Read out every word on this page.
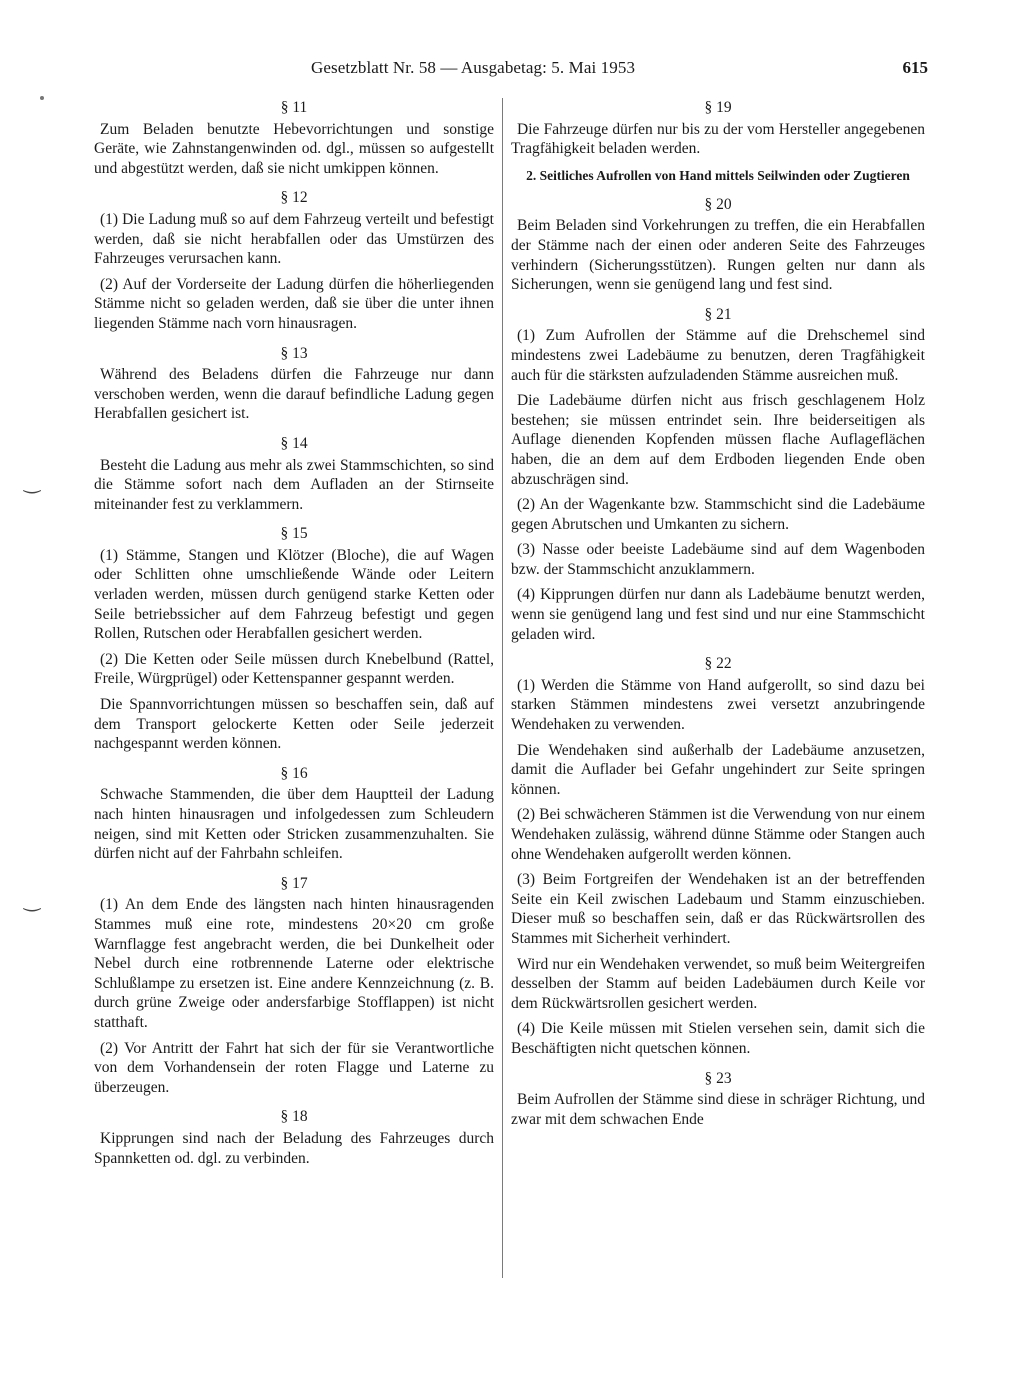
Gesetzblatt Nr. 58 — Ausgabetag: 5. Mai 1953	615
‿
‿
§ 11
Zum Beladen benutzte Hebevorrichtungen und sonstige Geräte, wie Zahnstangenwinden od. dgl., müssen so aufgestellt und abgestützt werden, daß sie nicht umkippen können.
§ 12
(1) Die Ladung muß so auf dem Fahrzeug verteilt und befestigt werden, daß sie nicht herabfallen oder das Umstürzen des Fahrzeuges verursachen kann.
(2) Auf der Vorderseite der Ladung dürfen die höherliegenden Stämme nicht so geladen werden, daß sie über die unter ihnen liegenden Stämme nach vorn hinausragen.
§ 13
Während des Beladens dürfen die Fahrzeuge nur dann verschoben werden, wenn die darauf befindliche Ladung gegen Herabfallen gesichert ist.
§ 14
Besteht die Ladung aus mehr als zwei Stammschichten, so sind die Stämme sofort nach dem Aufladen an der Stirnseite miteinander fest zu verklammern.
§ 15
(1) Stämme, Stangen und Klötzer (Bloche), die auf Wagen oder Schlitten ohne umschließende Wände oder Leitern verladen werden, müssen durch genügend starke Ketten oder Seile betriebssicher auf dem Fahrzeug befestigt und gegen Rollen, Rutschen oder Herabfallen gesichert werden.
(2) Die Ketten oder Seile müssen durch Knebelbund (Rattel, Freile, Würgprügel) oder Kettenspanner gespannt werden.
Die Spannvorrichtungen müssen so beschaffen sein, daß auf dem Transport gelockerte Ketten oder Seile jederzeit nachgespannt werden können.
§ 16
Schwache Stammenden, die über dem Hauptteil der Ladung nach hinten hinausragen und infolgedessen zum Schleudern neigen, sind mit Ketten oder Stricken zusammenzuhalten. Sie dürfen nicht auf der Fahrbahn schleifen.
§ 17
(1) An dem Ende des längsten nach hinten hinausragenden Stammes muß eine rote, mindestens 20×20 cm große Warnflagge fest angebracht werden, die bei Dunkelheit oder Nebel durch eine rotbrennende Laterne oder elektrische Schlußlampe zu ersetzen ist. Eine andere Kennzeichnung (z. B. durch grüne Zweige oder andersfarbige Stofflappen) ist nicht statthaft.
(2) Vor Antritt der Fahrt hat sich der für sie Verantwortliche von dem Vorhandensein der roten Flagge und Laterne zu überzeugen.
§ 18
Kipprungen sind nach der Beladung des Fahrzeuges durch Spannketten od. dgl. zu verbinden.
§ 19
Die Fahrzeuge dürfen nur bis zu der vom Hersteller angegebenen Tragfähigkeit beladen werden.
2. Seitliches Aufrollen von Hand mittels Seilwinden oder Zugtieren
§ 20
Beim Beladen sind Vorkehrungen zu treffen, die ein Herabfallen der Stämme nach der einen oder anderen Seite des Fahrzeuges verhindern (Sicherungsstützen). Rungen gelten nur dann als Sicherungen, wenn sie genügend lang und fest sind.
§ 21
(1) Zum Aufrollen der Stämme auf die Drehschemel sind mindestens zwei Ladebäume zu benutzen, deren Tragfähigkeit auch für die stärksten aufzuladenden Stämme ausreichen muß.
Die Ladebäume dürfen nicht aus frisch geschlagenem Holz bestehen; sie müssen entrindet sein. Ihre beiderseitigen als Auflage dienenden Kopfenden müssen flache Auflageflächen haben, die an dem auf dem Erdboden liegenden Ende oben abzuschrägen sind.
(2) An der Wagenkante bzw. Stammschicht sind die Ladebäume gegen Abrutschen und Umkanten zu sichern.
(3) Nasse oder beeiste Ladebäume sind auf dem Wagenboden bzw. der Stammschicht anzuklammern.
(4) Kipprungen dürfen nur dann als Ladebäume benutzt werden, wenn sie genügend lang und fest sind und nur eine Stammschicht geladen wird.
§ 22
(1) Werden die Stämme von Hand aufgerollt, so sind dazu bei starken Stämmen mindestens zwei versetzt anzubringende Wendehaken zu verwenden.
Die Wendehaken sind außerhalb der Ladebäume anzusetzen, damit die Auflader bei Gefahr ungehindert zur Seite springen können.
(2) Bei schwächeren Stämmen ist die Verwendung von nur einem Wendehaken zulässig, während dünne Stämme oder Stangen auch ohne Wendehaken aufgerollt werden können.
(3) Beim Fortgreifen der Wendehaken ist an der betreffenden Seite ein Keil zwischen Ladebaum und Stamm einzuschieben. Dieser muß so beschaffen sein, daß er das Rückwärtsrollen des Stammes mit Sicherheit verhindert.
Wird nur ein Wendehaken verwendet, so muß beim Weitergreifen desselben der Stamm auf beiden Ladebäumen durch Keile vor dem Rückwärtsrollen gesichert werden.
(4) Die Keile müssen mit Stielen versehen sein, damit sich die Beschäftigten nicht quetschen können.
§ 23
Beim Aufrollen der Stämme sind diese in schräger Richtung, und zwar mit dem schwachen Ende
